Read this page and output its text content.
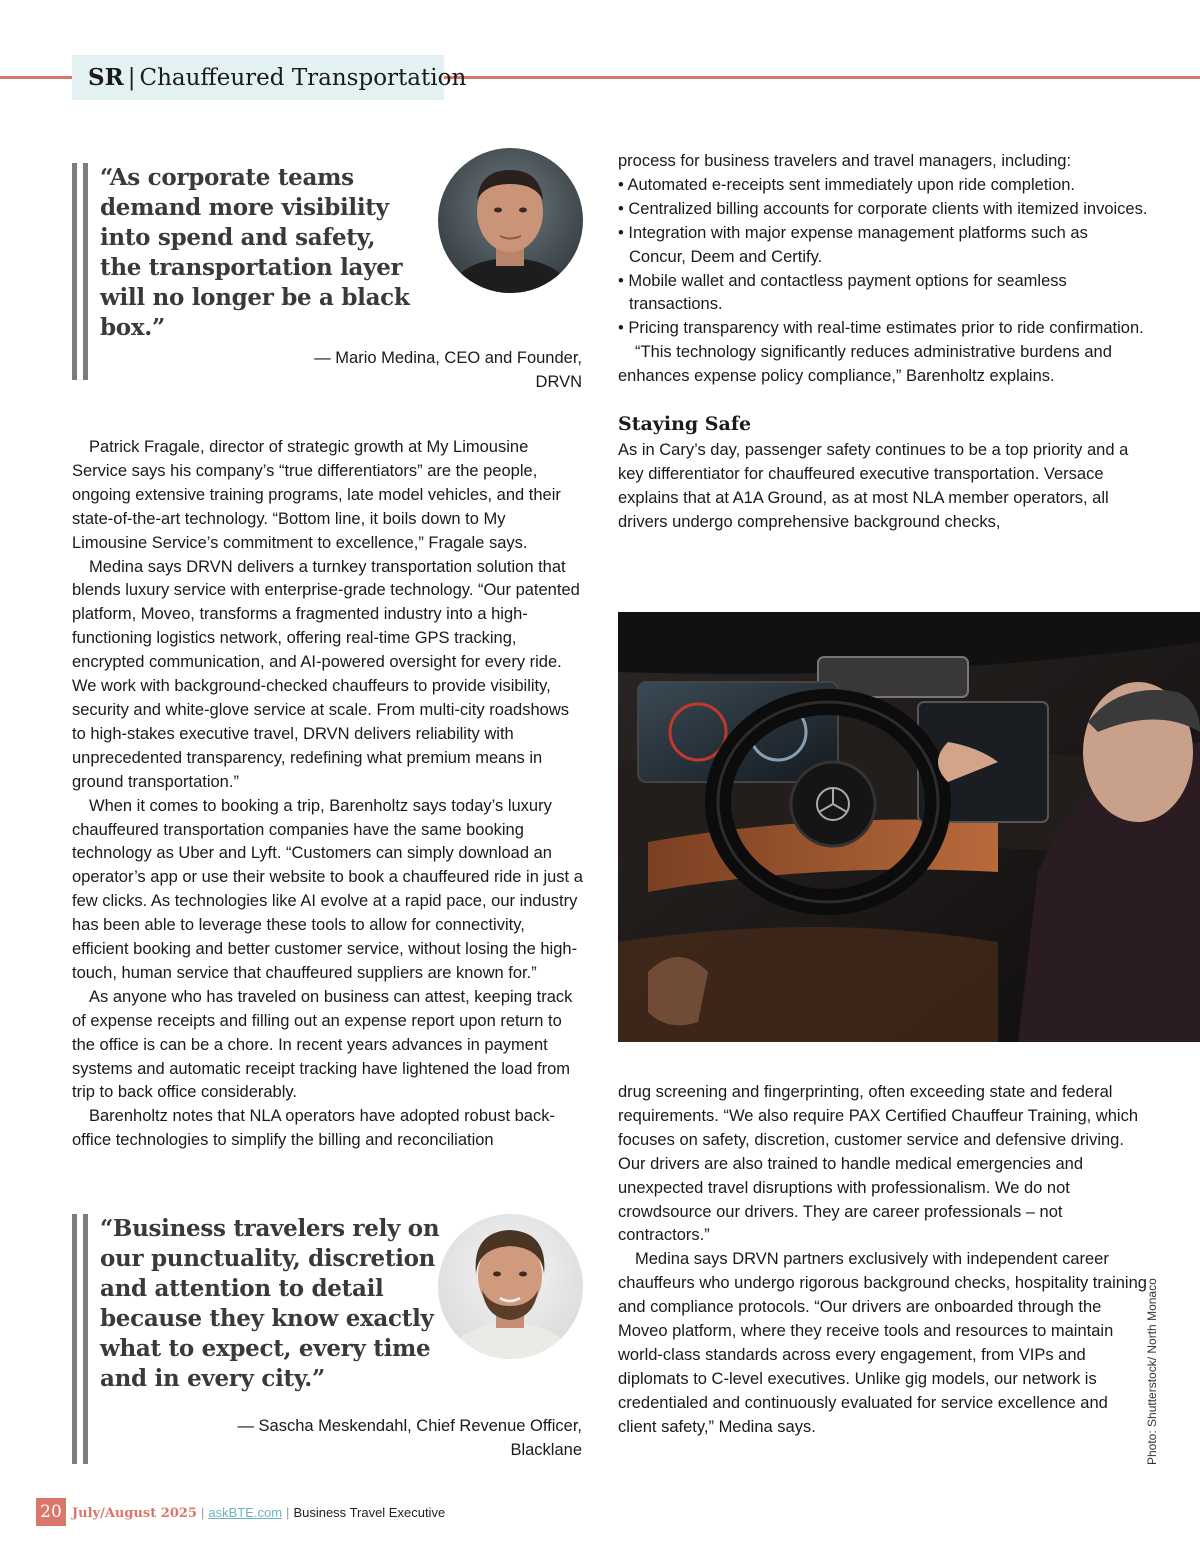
SR | Chauffeured Transportation
“As corporate teams demand more visibility into spend and safety, the transportation layer will no longer be a black box.”
— Mario Medina, CEO and Founder,
DRVN

Patrick Fragale, director of strategic growth at My Limousine Service says his company’s “true differentiators” are the people, ongoing extensive training programs, late model vehicles, and their state-of-the-art technology. “Bottom line, it boils down to My Limousine Service’s commitment to excellence,” Fragale says.

Medina says DRVN delivers a turnkey transportation solution that blends luxury service with enterprise-grade technology. “Our patented platform, Moveo, transforms a fragmented industry into a high-functioning logistics network, offering real-time GPS tracking, encrypted communication, and AI-powered oversight for every ride. We work with background-checked chauffeurs to provide visibility, security and white-glove service at scale. From multi-city roadshows to high-stakes executive travel, DRVN delivers reliability with unprecedented transparency, redefining what premium means in ground transportation.”

When it comes to booking a trip, Barenholtz says today’s luxury chauffeured transportation companies have the same booking technology as Uber and Lyft. “Customers can simply download an operator’s app or use their website to book a chauffeured ride in just a few clicks. As technologies like AI evolve at a rapid pace, our industry has been able to leverage these tools to allow for connectivity, efficient booking and better customer service, without losing the high-touch, human service that chauffeured suppliers are known for.”

As anyone who has traveled on business can attest, keeping track of expense receipts and filling out an expense report upon return to the office is can be a chore. In recent years advances in payment systems and automatic receipt tracking have lightened the load from trip to back office considerably.

Barenholtz notes that NLA operators have adopted robust back-office technologies to simplify the billing and reconciliation

“Business travelers rely on our punctuality, discretion and attention to detail because they know exactly what to expect, every time and in every city.”
— Sascha Meskendahl, Chief Revenue Officer,
Blacklane

process for business travelers and travel managers, including:

• Automated e-receipts sent immediately upon ride completion.

• Centralized billing accounts for corporate clients with itemized invoices.

• Integration with major expense management platforms such as Concur, Deem and Certify.

• Mobile wallet and contactless payment options for seamless transactions.

• Pricing transparency with real-time estimates prior to ride confirmation.

“This technology significantly reduces administrative burdens and enhances expense policy compliance,” Barenholtz explains.

Staying Safe

As in Cary’s day, passenger safety continues to be a top priority and a key differentiator for chauffeured executive transportation. Versace explains that at A1A Ground, as at most NLA member operators, all drivers undergo comprehensive background checks,

drug screening and fingerprinting, often exceeding state and federal requirements. “We also require PAX Certified Chauffeur Training, which focuses on safety, discretion, customer service and defensive driving. Our drivers are also trained to handle medical emergencies and unexpected travel disruptions with professionalism. We do not crowdsource our drivers. They are career professionals – not contractors.”

Medina says DRVN partners exclusively with independent career chauffeurs who undergo rigorous background checks, hospitality training and compliance protocols. “Our drivers are onboarded through the Moveo platform, where they receive tools and resources to maintain world-class standards across every engagement, from VIPs and diplomats to C-level executives. Unlike gig models, our network is credentialed and continuously evaluated for service excellence and client safety,” Medina says.	Photo: Shutterstock/ North Monaco
20 July/August 2025 | askBTE.com | Business Travel Executive
